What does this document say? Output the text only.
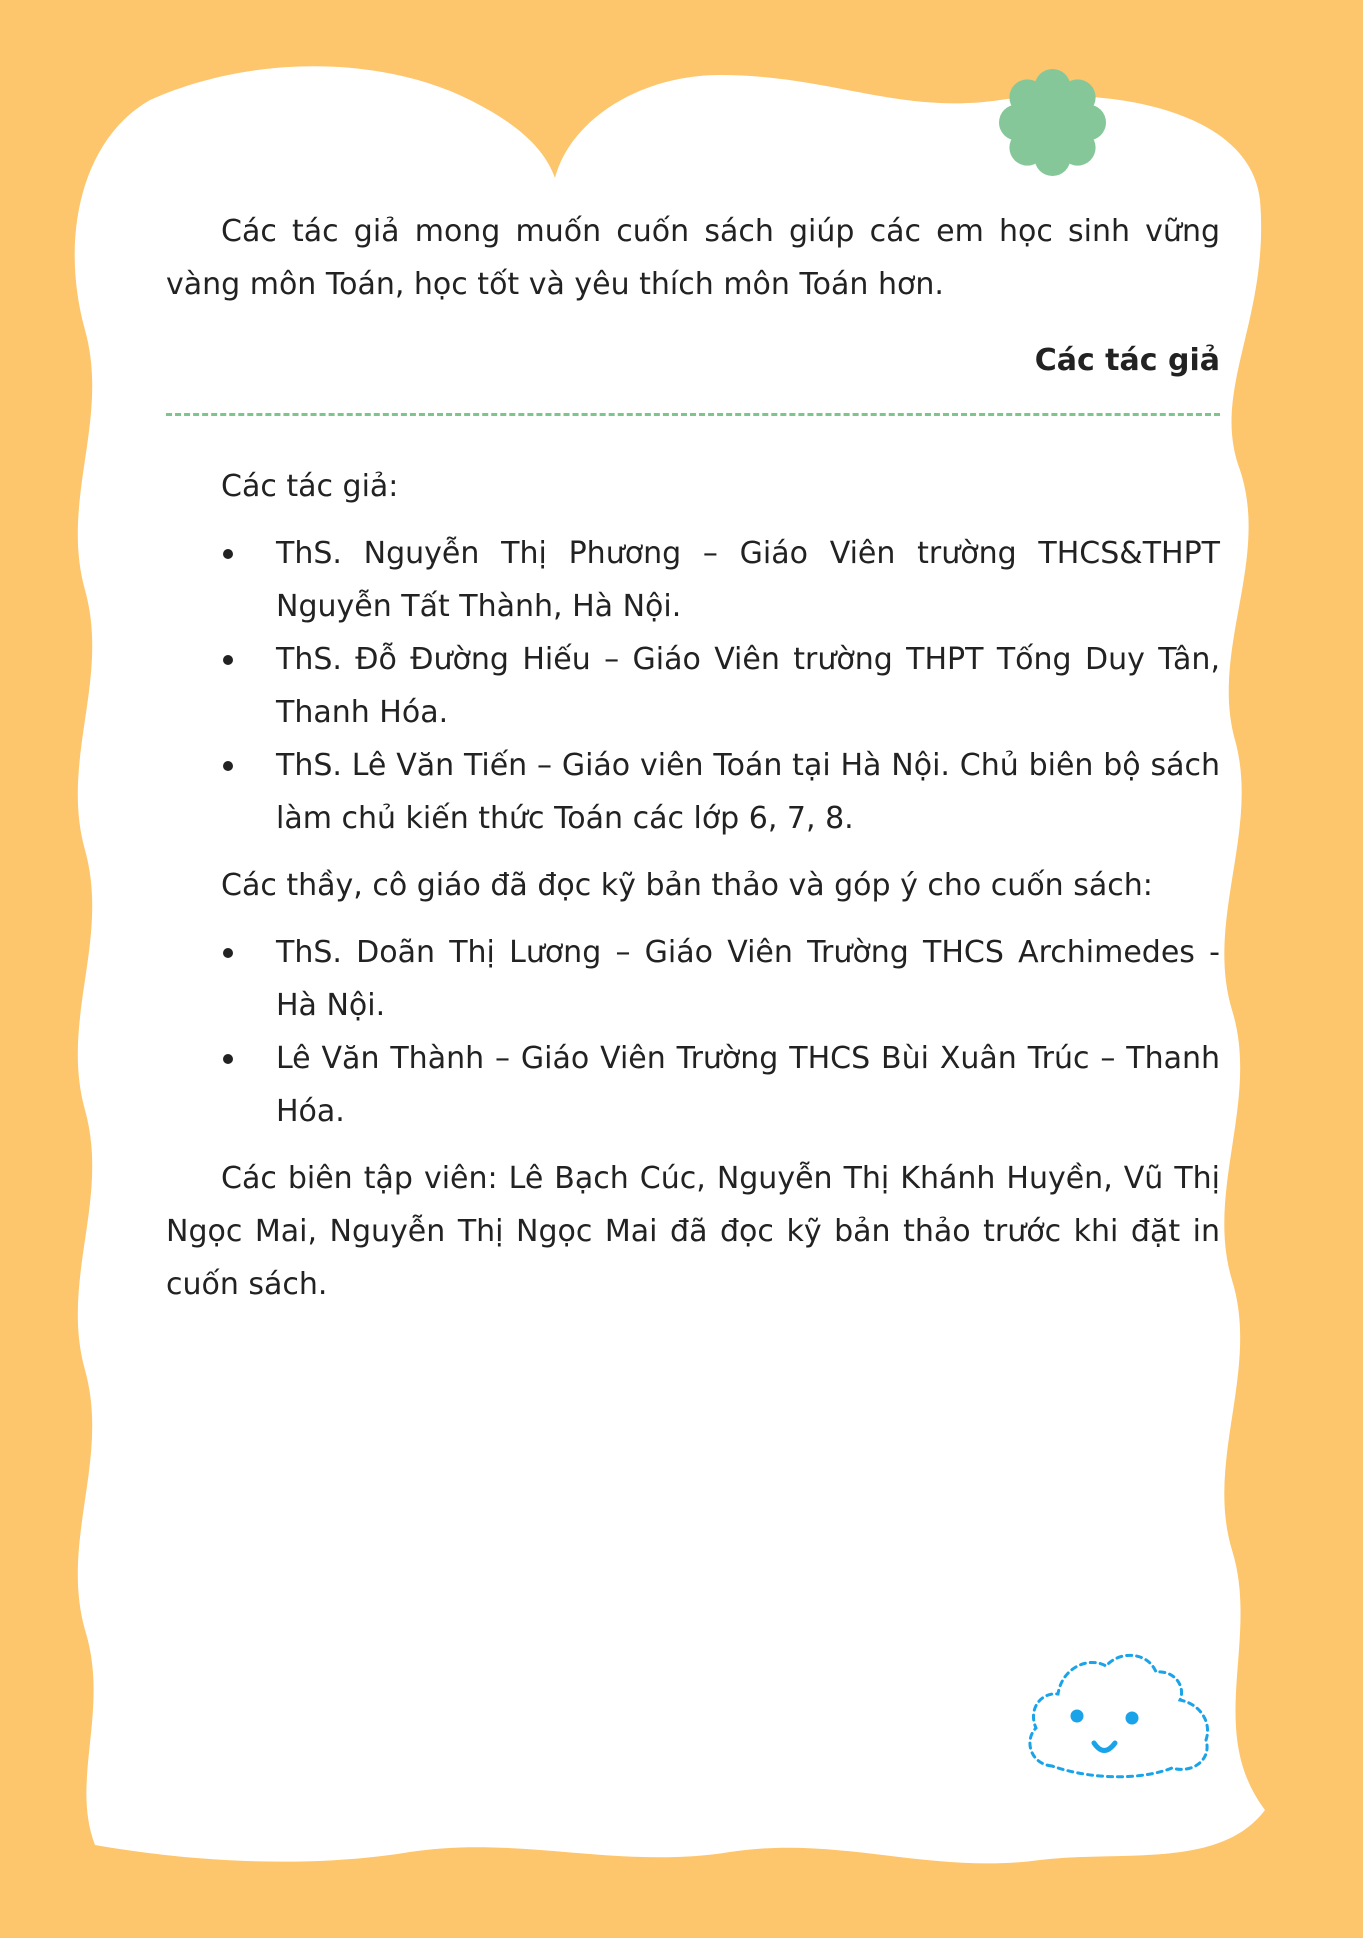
Các tác giả mong muốn cuốn sách giúp các em học sinh vững vàng môn Toán, học tốt và yêu thích môn Toán hơn.

Các tác giả

Các tác giả:

ThS. Nguyễn Thị Phương – Giáo Viên trường THCS&THPT Nguyễn Tất Thành, Hà Nội.
ThS. Đỗ Đường Hiếu – Giáo Viên trường THPT Tống Duy Tân, Thanh Hóa.
ThS. Lê Văn Tiến – Giáo viên Toán tại Hà Nội. Chủ biên bộ sách làm chủ kiến thức Toán các lớp 6, 7, 8.

Các thầy, cô giáo đã đọc kỹ bản thảo và góp ý cho cuốn sách:

ThS. Doãn Thị Lương – Giáo Viên Trường THCS Archimedes - Hà Nội.
Lê Văn Thành – Giáo Viên Trường THCS Bùi Xuân Trúc – Thanh Hóa.

Các biên tập viên: Lê Bạch Cúc, Nguyễn Thị Khánh Huyền, Vũ Thị Ngọc Mai, Nguyễn Thị Ngọc Mai đã đọc kỹ bản thảo trước khi đặt in cuốn sách.
